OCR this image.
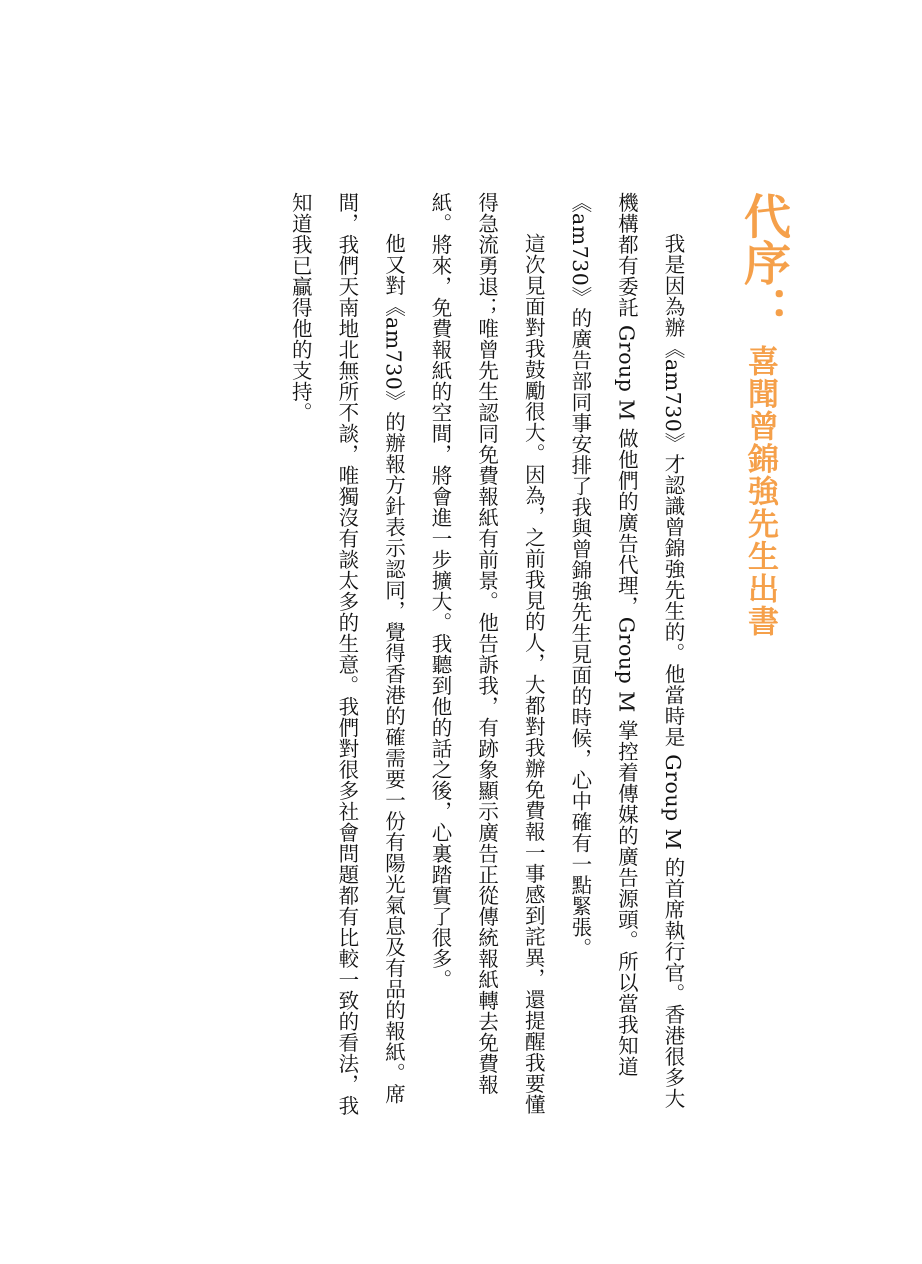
代序：
喜聞曾錦強先生出書

我是因為辦《am730》才認識曾錦強先生的。他當時是 Group M 的首席執行官。香港很多大機構都有委託 Group M 做他們的廣告代理，Group M 掌控着傳媒的廣告源頭。所以當我知道《am730》的廣告部同事安排了我與曾錦強先生見面的時候，心中確有一點緊張。

這次見面對我鼓勵很大。因為，之前我見的人，大都對我辦免費報一事感到詫異，還提醒我要懂得急流勇退；唯曾先生認同免費報紙有前景。他告訴我，有跡象顯示廣告正從傳統報紙轉去免費報紙。將來，免費報紙的空間，將會進一步擴大。我聽到他的話之後，心裏踏實了很多。

他又對《am730》的辦報方針表示認同，覺得香港的確需要一份有陽光氣息及有品的報紙。席間，我們天南地北無所不談，唯獨沒有談太多的生意。我們對很多社會問題都有比較一致的看法，我知道我已贏得他的支持。
